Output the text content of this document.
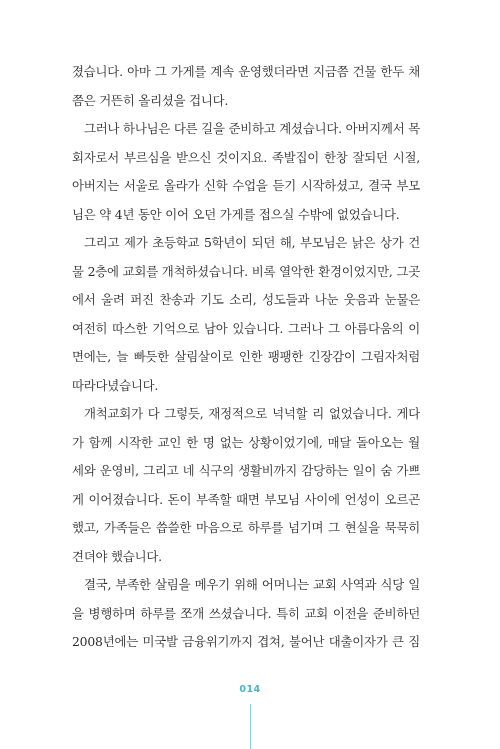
졌습니다. 아마 그 가게를 계속 운영했더라면 지금쯤 건물 한두 채
쯤은 거뜬히 올리셨을 겁니다.

그러나 하나님은 다른 길을 준비하고 계셨습니다. 아버지께서 목
회자로서 부르심을 받으신 것이지요. 족발집이 한창 잘되던 시절,
아버지는 서울로 올라가 신학 수업을 듣기 시작하셨고, 결국 부모
님은 약 4년 동안 이어 오던 가게를 접으실 수밖에 없었습니다.

그리고 제가 초등학교 5학년이 되던 해, 부모님은 낡은 상가 건
물 2층에 교회를 개척하셨습니다. 비록 열악한 환경이었지만, 그곳
에서 울려 퍼진 찬송과 기도 소리, 성도들과 나눈 웃음과 눈물은
여전히 따스한 기억으로 남아 있습니다. 그러나 그 아름다움의 이
면에는, 늘 빠듯한 살림살이로 인한 팽팽한 긴장감이 그림자처럼
따라다녔습니다.

개척교회가 다 그렇듯, 재정적으로 넉넉할 리 없었습니다. 게다
가 함께 시작한 교인 한 명 없는 상황이었기에, 매달 돌아오는 월
세와 운영비, 그리고 네 식구의 생활비까지 감당하는 일이 숨 가쁘
게 이어졌습니다. 돈이 부족할 때면 부모님 사이에 언성이 오르곤
했고, 가족들은 씁쓸한 마음으로 하루를 넘기며 그 현실을 묵묵히
견뎌야 했습니다.

결국, 부족한 살림을 메우기 위해 어머니는 교회 사역과 식당 일
을 병행하며 하루를 쪼개 쓰셨습니다. 특히 교회 이전을 준비하던
2008년에는 미국발 금융위기까지 겹쳐, 불어난 대출이자가 큰 짐

014
